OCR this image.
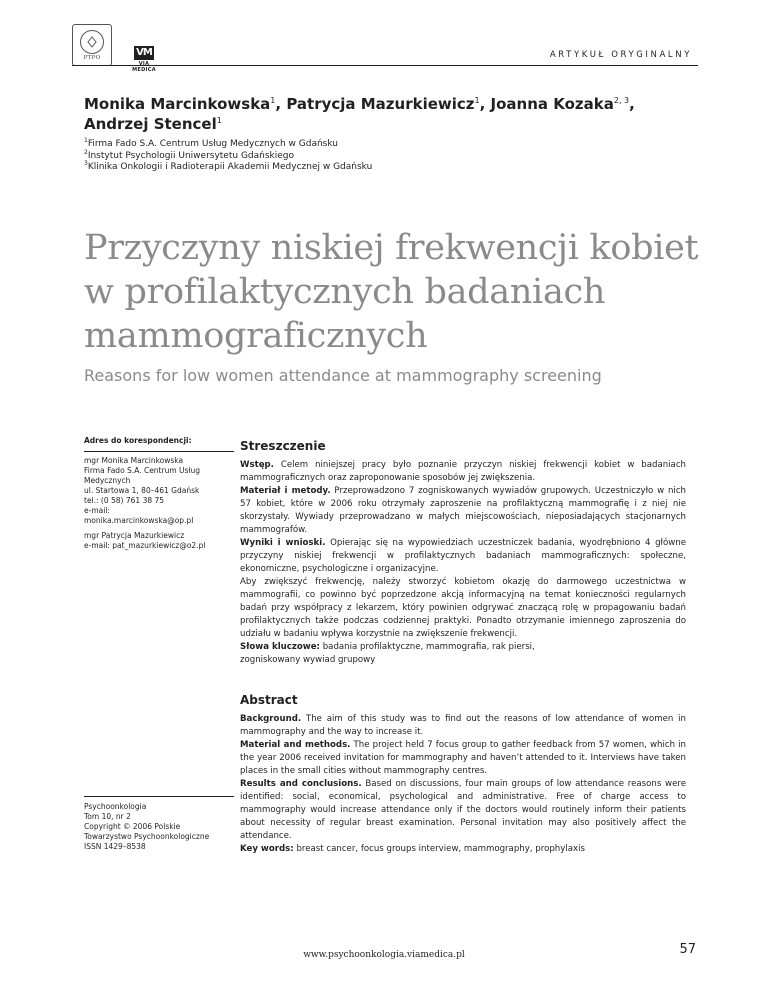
PTPO	VM
VIA MEDICA
ARTYKUŁ ORYGINALNY
Monika Marcinkowska$^1$, Patrycja Mazurkiewicz$^1$, Joanna Kozaka$^{2, 3}$,
Andrzej Stencel$^1$
$^1$Firma Fado S.A. Centrum Usług Medycznych w Gdańsku
$^2$Instytut Psychologii Uniwersytetu Gdańskiego
$^3$Klinika Onkologii i Radioterapii Akademii Medycznej w Gdańsku
Przyczyny niskiej frekwencji kobiet
w profilaktycznych badaniach
mammograficznych
Reasons for low women attendance at mammography screening
Adres do korespondencji:
mgr Monika Marcinkowska
Firma Fado S.A. Centrum Usług
Medycznych
ul. Startowa 1, 80–461 Gdańsk
tel.: (0 58) 761 38 75
e-mail:
monika.marcinkowska@op.pl
mgr Patrycja Mazurkiewicz
e-mail: pat_mazurkiewicz@o2.pl
Psychoonkologia
Tom 10, nr 2
Copyright © 2006 Polskie
Towarzystwo Psychoonkologiczne
ISSN 1429–8538
Streszczenie

Wstęp. Celem niniejszej pracy było poznanie przyczyn niskiej frekwencji kobiet w badaniach mammograficznych oraz zaproponowanie sposobów jej zwiększenia.

Materiał i metody. Przeprowadzono 7 zogniskowanych wywiadów grupowych. Uczestniczyło w nich 57 kobiet, które w 2006 roku otrzymały zaproszenie na profilaktyczną mammografię i z niej nie skorzystały. Wywiady przeprowadzano w małych miejscowościach, nieposiadających stacjonarnych mammografów.

Wyniki i wnioski. Opierając się na wypowiedziach uczestniczek badania, wyodrębniono 4 główne przyczyny niskiej frekwencji w profilaktycznych badaniach mammograficznych: społeczne, ekonomiczne, psychologiczne i organizacyjne.

Aby zwiększyć frekwencję, należy stworzyć kobietom okazję do darmowego uczestnictwa w mammografii, co powinno być poprzedzone akcją informacyjną na temat konieczności regularnych badań przy współpracy z lekarzem, który powinien odgrywać znaczącą rolę w propagowaniu badań profilaktycznych także podczas codziennej praktyki. Ponadto otrzymanie imiennego zaproszenia do udziału w badaniu wpływa korzystnie na zwiększenie frekwencji.

Słowa kluczowe: badania profilaktyczne, mammografia, rak piersi,
zogniskowany wywiad grupowy

Abstract

Background. The aim of this study was to find out the reasons of low attendance of women in mammography and the way to increase it.

Material and methods. The project held 7 focus group to gather feedback from 57 women, which in the year 2006 received invitation for mammography and haven’t attended to it. Interviews have taken places in the small cities without mammography centres.

Results and conclusions. Based on discussions, four main groups of low attendance reasons were identified: social, economical, psychological and administrative. Free of charge access to mammography would increase attendance only if the doctors would routinely inform their patients about necessity of regular breast examination. Personal invitation may also positively affect the attendance.

Key words: breast cancer, focus groups interview, mammography, prophylaxis

www.psychoonkologia.viamedica.pl	57
